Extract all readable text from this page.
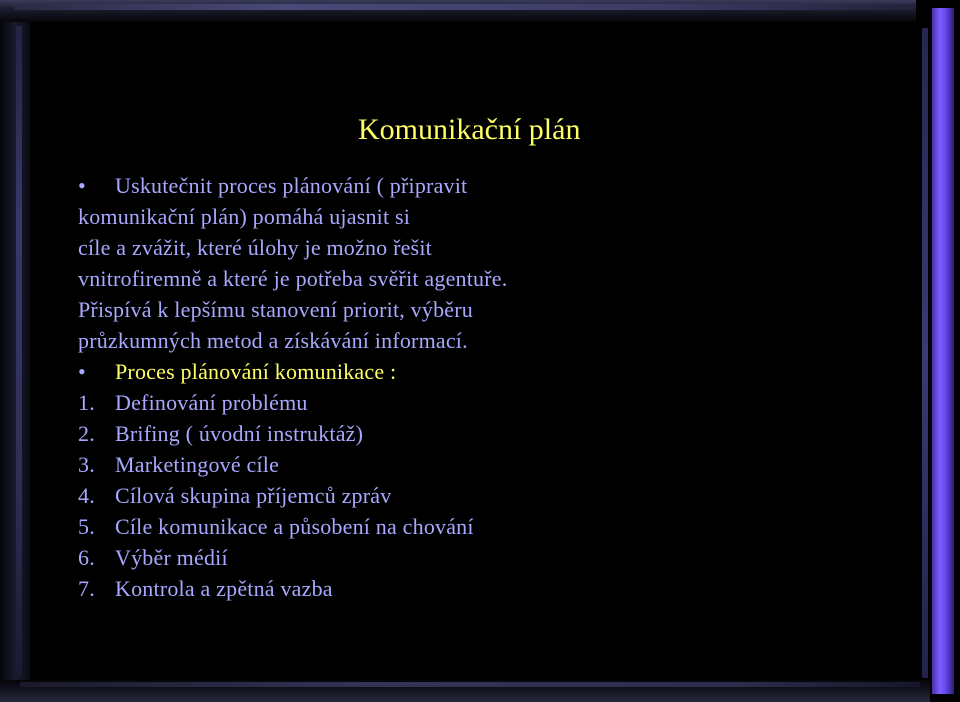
Komunikační plán
• Uskutečnit proces plánování ( připravit
komunikační plán) pomáhá ujasnit si
cíle a zvážit, které úlohy je možno řešit
vnitrofiremně a které je potřeba svěřit agentuře.
Přispívá k lepšímu stanovení priorit, výběru
průzkumných metod a získávání informací.
• Proces plánování komunikace :
1. Definování problému
2. Brifing ( úvodní instruktáž)
3. Marketingové cíle
4. Cílová skupina příjemců zpráv
5. Cíle komunikace a působení na chování
6. Výběr médií
7. Kontrola a zpětná vazba
